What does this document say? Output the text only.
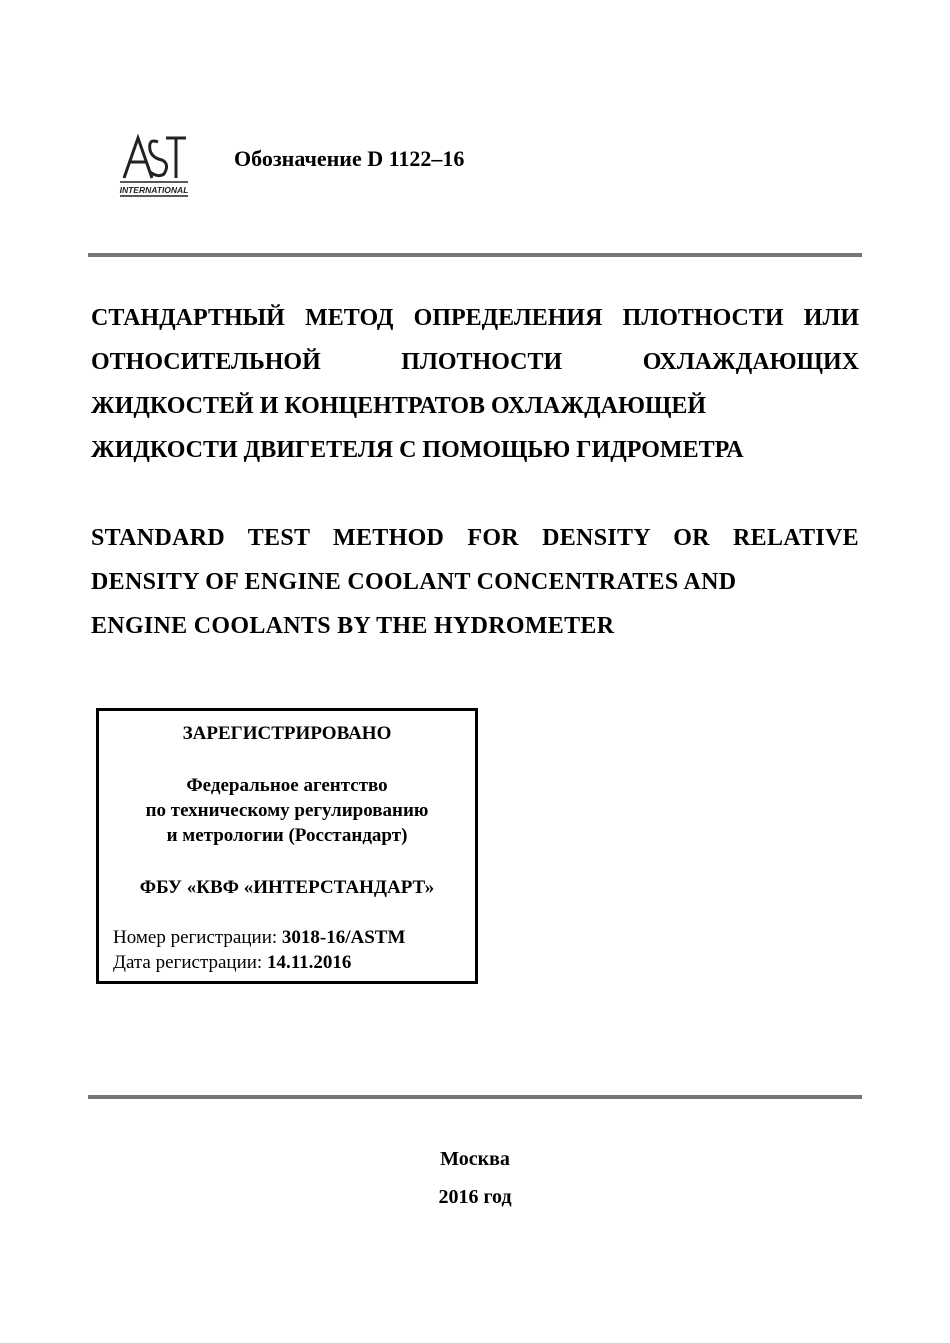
INTERNATIONAL
Обозначение D 1122–16
СТАНДАРТНЫЙ МЕТОД ОПРЕДЕЛЕНИЯ ПЛОТНОСТИ ИЛИ ОТНОСИТЕЛЬНОЙ ПЛОТНОСТИ ОХЛАЖДАЮЩИХ ЖИДКОСТЕЙ И КОНЦЕНТРАТОВ ОХЛАЖДАЮЩЕЙ
ЖИДКОСТИ ДВИГЕТЕЛЯ С ПОМОЩЬЮ ГИДРОМЕТРА
STANDARD TEST METHOD FOR DENSITY OR RELATIVE DENSITY OF ENGINE COOLANT CONCENTRATES AND
ENGINE COOLANTS BY THE HYDROMETER
ЗАРЕГИСТРИРОВАНО
Федеральное агентство
по техническому регулированию
и метрологии (Росстандарт)
ФБУ «КВФ «ИНТЕРСТАНДАРТ»
Номер регистрации: 3018-16/ASTM
Дата регистрации: 14.11.2016
Москва
2016 год
